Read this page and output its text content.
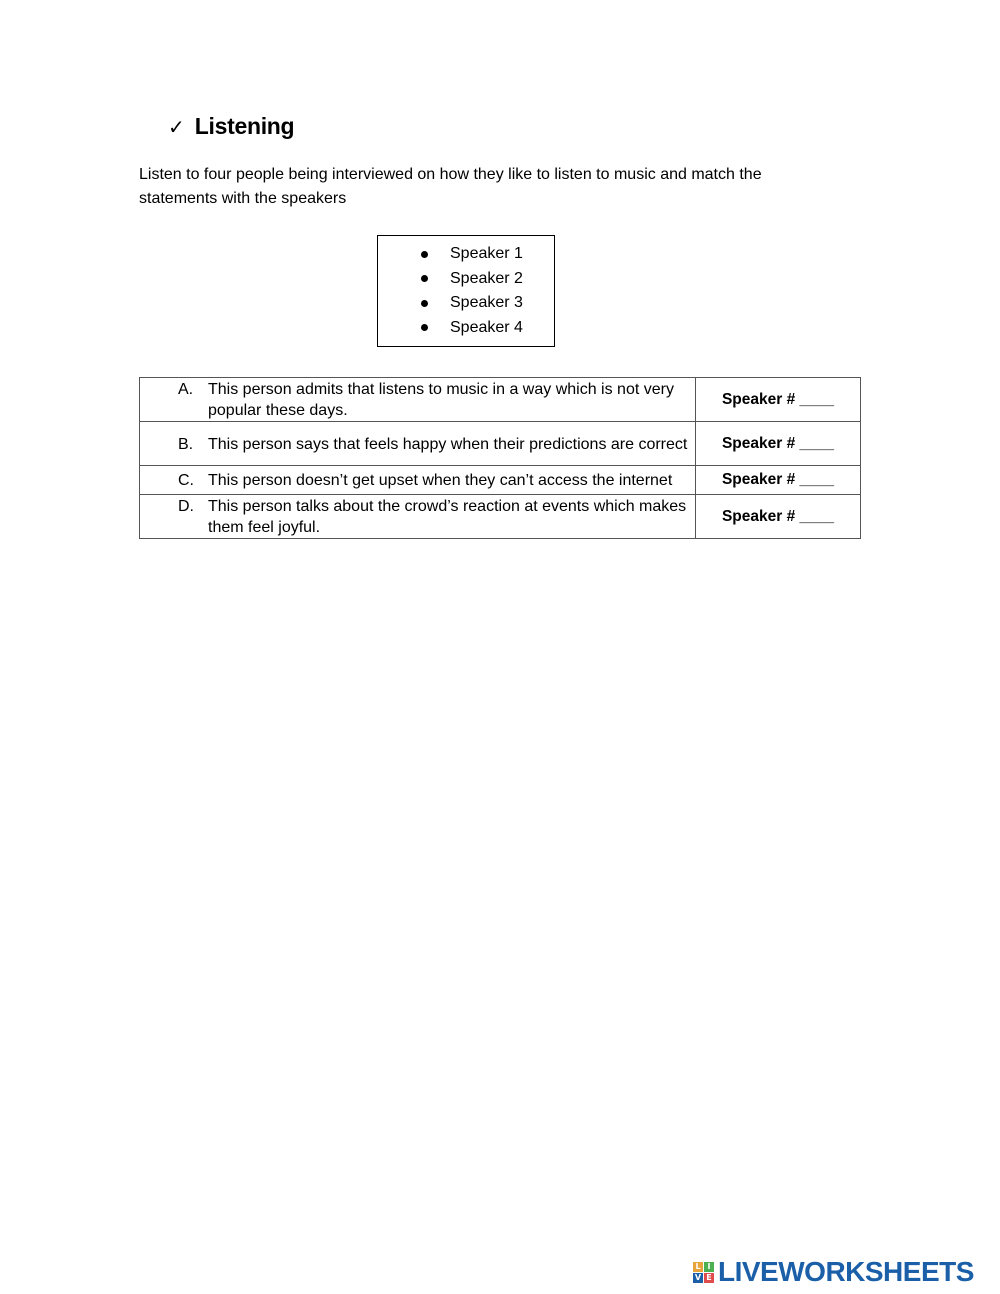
✓ Listening
Listen to four people being interviewed on how they like to listen to music and match the statements with the speakers
Speaker 1
Speaker 2
Speaker 3
Speaker 4
A. This person admits that listens to music in a way which is not very popular these days.	Speaker # ____

B. This person says that feels happy when their predictions are correct	Speaker # ____

C. This person doesn’t get upset when they can’t access the internet	Speaker # ____

D. This person talks about the crowd’s reaction at events which makes them feel joyful.	Speaker # ____
L I
V E LIVEWORKSHEETS
